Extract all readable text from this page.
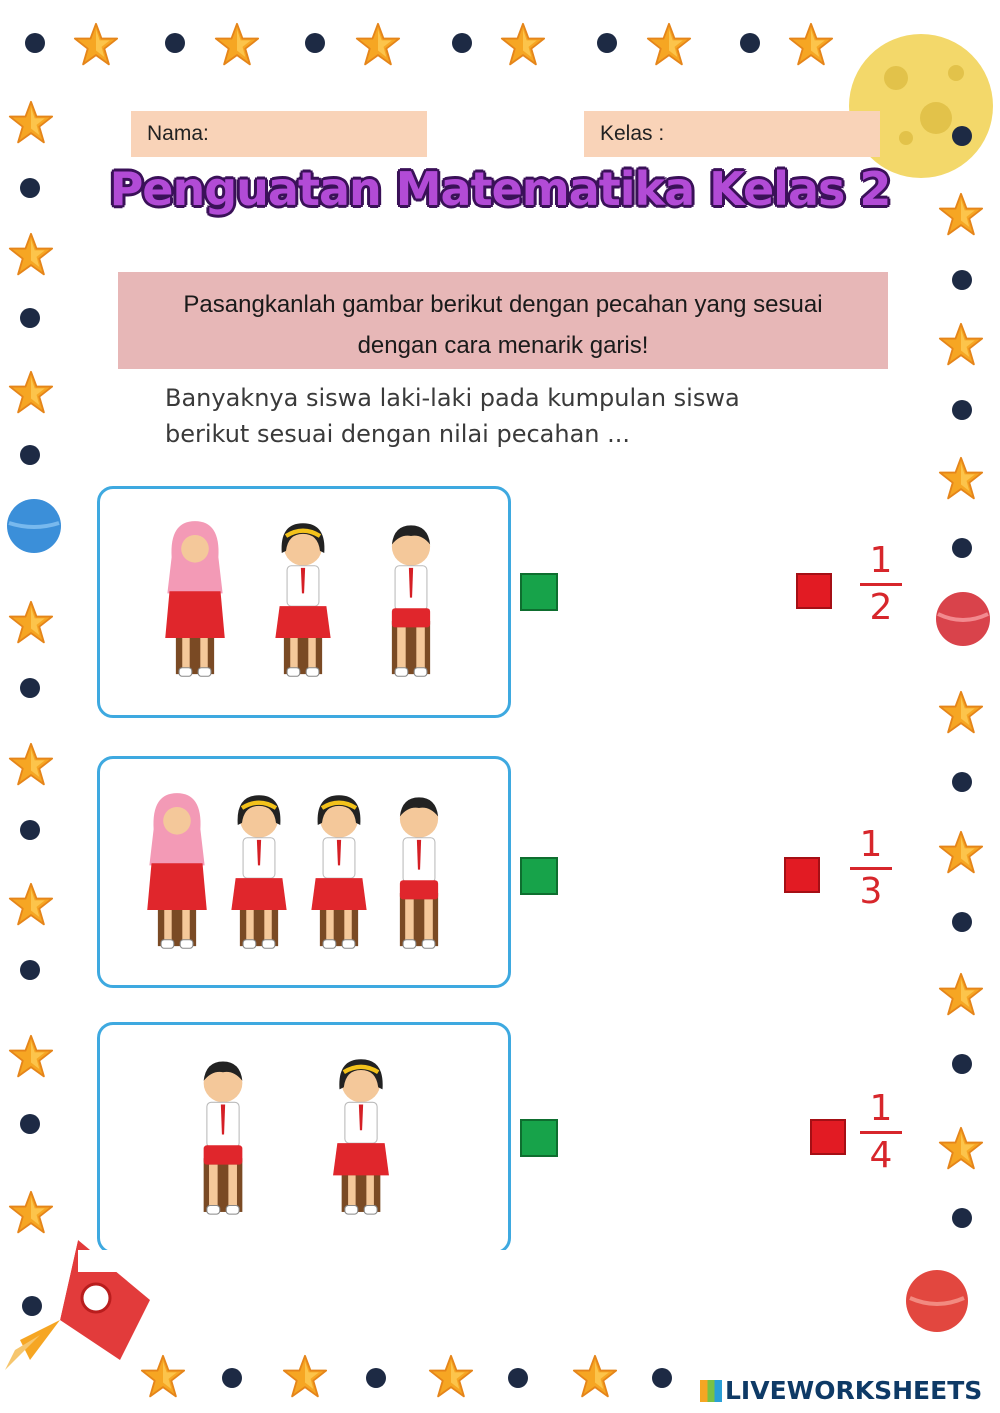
Nama:	Kelas :
Penguatan Matematika Kelas 2
Pasangkanlah gambar berikut dengan pecahan yang sesuai
dengan cara menarik garis!
Banyaknya siswa laki-laki pada kumpulan siswa
berikut sesuai dengan nilai pecahan ...
1
2
1
3
1
4
LIVEWORKSHEETS
